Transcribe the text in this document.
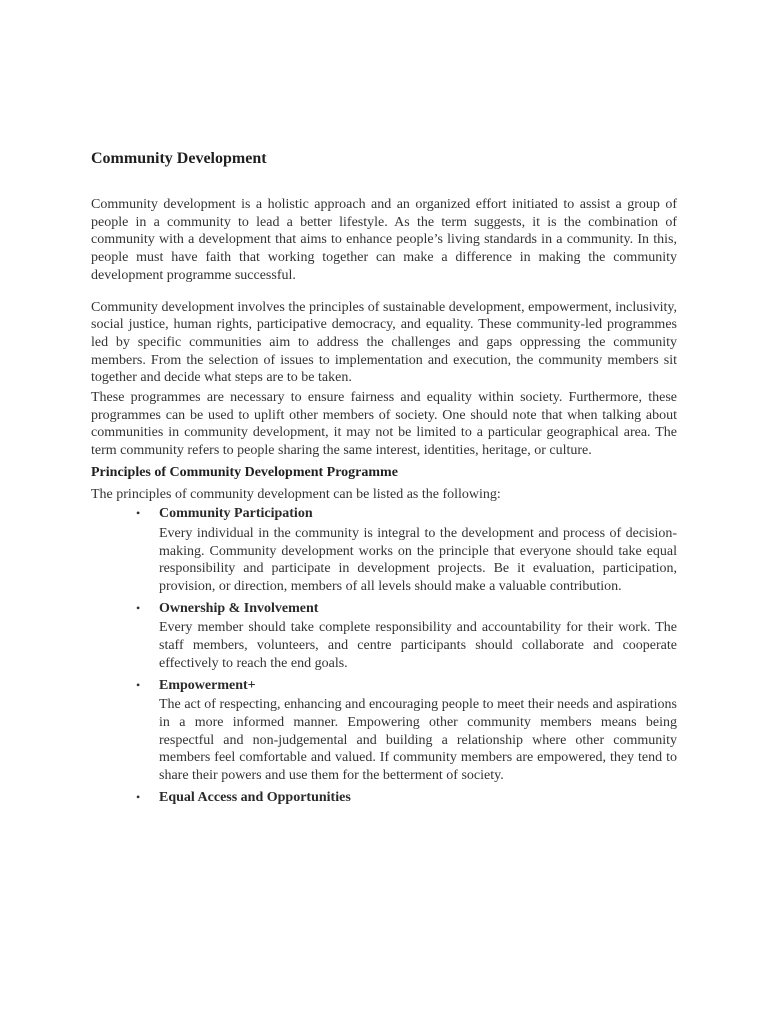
Community Development

Community development is a holistic approach and an organized effort initiated to assist a group of people in a community to lead a better lifestyle. As the term suggests, it is the combination of community with a development that aims to enhance people’s living standards in a community. In this, people must have faith that working together can make a difference in making the community development programme successful.

Community development involves the principles of sustainable development, empowerment, inclusivity, social justice, human rights, participative democracy, and equality. These community-led programmes led by specific communities aim to address the challenges and gaps oppressing the community members. From the selection of issues to implementation and execution, the community members sit together and decide what steps are to be taken.

These programmes are necessary to ensure fairness and equality within society. Furthermore, these programmes can be used to uplift other members of society. One should note that when talking about communities in community development, it may not be limited to a particular geographical area. The term community refers to people sharing the same interest, identities, heritage, or culture.

Principles of Community Development Programme
The principles of community development can be listed as the following:
• Community Participation
Every individual in the community is integral to the development and process of decision-making. Community development works on the principle that everyone should take equal responsibility and participate in development projects. Be it evaluation, participation, provision, or direction, members of all levels should make a valuable contribution.
• Ownership & Involvement
Every member should take complete responsibility and accountability for their work. The staff members, volunteers, and centre participants should collaborate and cooperate effectively to reach the end goals.
• Empowerment+
The act of respecting, enhancing and encouraging people to meet their needs and aspirations in a more informed manner. Empowering other community members means being respectful and non-judgemental and building a relationship where other community members feel comfortable and valued. If community members are empowered, they tend to share their powers and use them for the betterment of society.
• Equal Access and Opportunities
